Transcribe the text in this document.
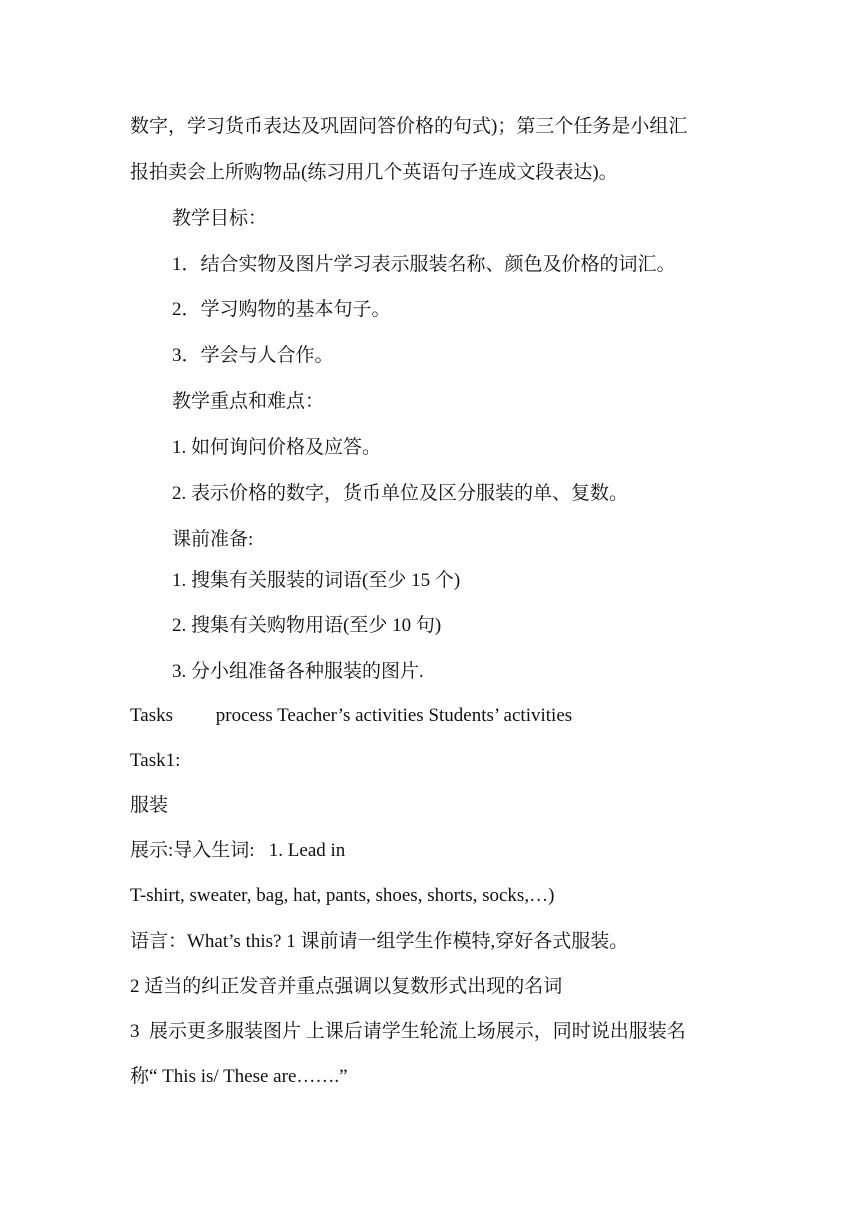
数字，学习货币表达及巩固问答价格的句式)；第三个任务是小组汇
报拍卖会上所购物品(练习用几个英语句子连成文段表达)。
教学目标：
1．结合实物及图片学习表示服装名称、颜色及价格的词汇。
2．学习购物的基本句子。
3．学会与人合作。
教学重点和难点：
1. 如何询问价格及应答。
2. 表示价格的数字，货币单位及区分服装的单、复数。
课前准备:
1. 搜集有关服装的词语(至少 15 个)
2. 搜集有关购物用语(至少 10 句)
3. 分小组准备各种服装的图片.
Tasks         process Teacher’s activities Students’ activities
Task1:
服装
展示:导入生词:   1. Lead in
T-shirt, sweater, bag, hat, pants, shoes, shorts, socks,…)
语言：What’s this? 1 课前请一组学生作模特,穿好各式服装。
2 适当的纠正发音并重点强调以复数形式出现的名词
3  展示更多服装图片 上课后请学生轮流上场展示，同时说出服装名
称“ This is/ These are…….”
